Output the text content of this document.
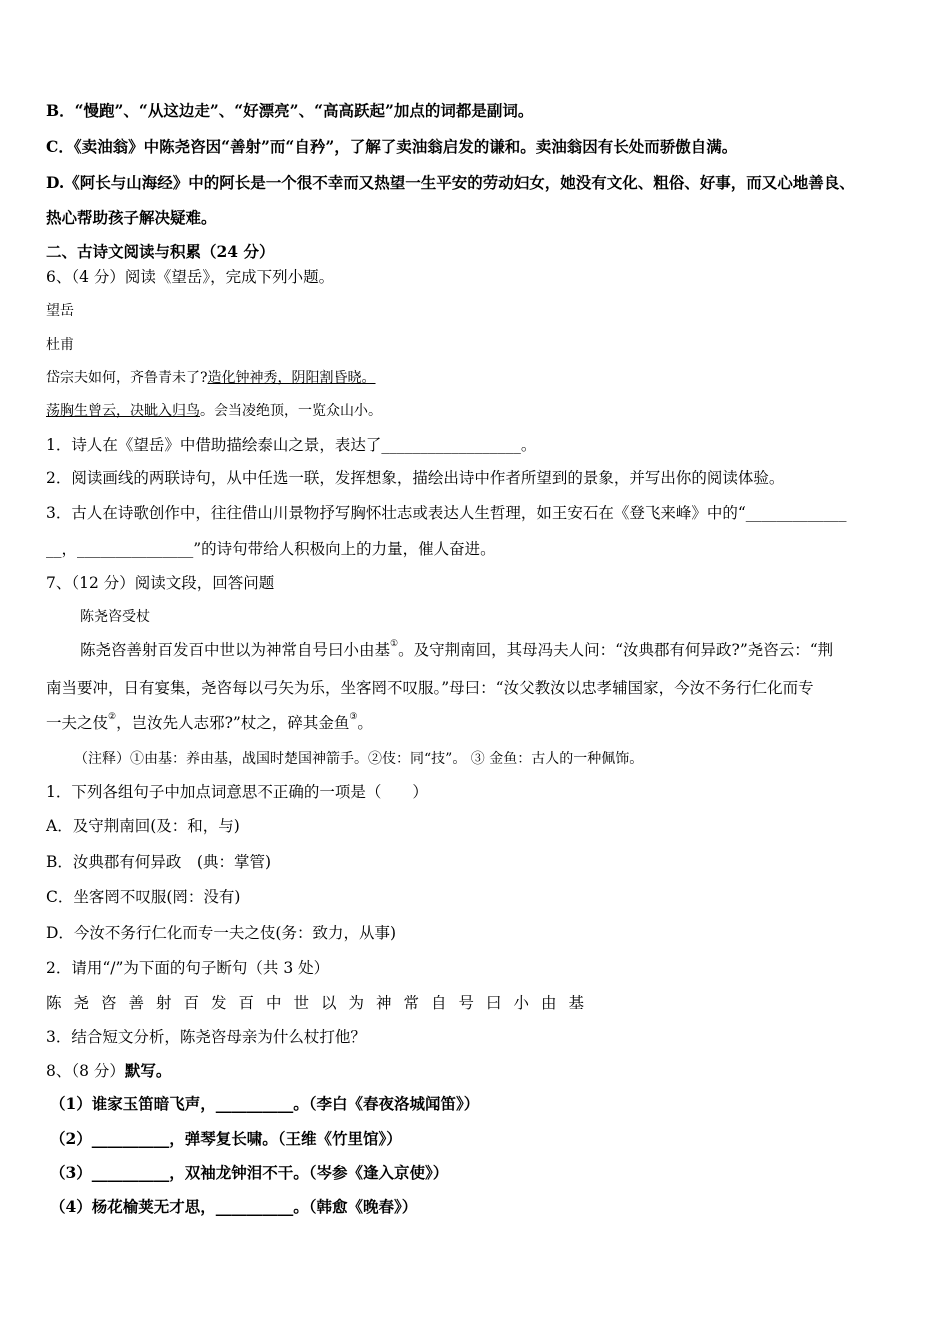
B．“慢跑”、“从这边走”、“好漂亮”、“高高跃起”加点的词都是副词。
C．《卖油翁》中陈尧咨因“善射”而“自矜”，了解了卖油翁启发的谦和。卖油翁因有长处而骄傲自满。
D.《阿长与山海经》中的阿长是一个很不幸而又热望一生平安的劳动妇女，她没有文化、粗俗、好事，而又心地善良、
热心帮助孩子解决疑难。
二、古诗文阅读与积累（24 分）
6、（4 分）阅读《望岳》，完成下列小题。
望岳
杜甫
岱宗夫如何，齐鲁青未了?造化钟神秀，阴阳割昏晓。
荡胸生曾云，决眦入归鸟。会当凌绝顶，一览众山小。
1．诗人在《望岳》中借助描绘泰山之景，表达了__________________。
2．阅读画线的两联诗句，从中任选一联，发挥想象，描绘出诗中作者所望到的景象，并写出你的阅读体验。
3．古人在诗歌创作中，往往借山川景物抒写胸怀壮志或表达人生哲理，如王安石在《登飞来峰》中的“_____________
__，_______________”的诗句带给人积极向上的力量，催人奋进。
7、（12 分）阅读文段，回答问题
陈尧咨受杖
陈尧咨善射百发百中世以为神常自号曰小由基①。及守荆南回，其母冯夫人问：“汝典郡有何异政?”尧咨云：“荆
南当要冲，日有宴集，尧咨每以弓矢为乐，坐客罔不叹服。”母曰：“汝父教汝以忠孝辅国家，今汝不务行仁化而专
一夫之伎②，岂汝先人志邪?”杖之，碎其金鱼③。
（注释）①由基：养由基，战国时楚国神箭手。②伎：同“技”。 ③ 金鱼：古人的一种佩饰。
1．下列各组句子中加点词意思不正确的一项是（　　）
A．及守荆南回(及：和，与)
B．汝典郡有何异政　(典：掌管)
C．坐客罔不叹服(罔：没有)
D．今汝不务行仁化而专一夫之伎(务：致力，从事)
2．请用“/”为下面的句子断句（共 3 处）
陈 尧 咨 善 射 百 发 百 中 世 以 为 神 常 自 号 曰 小 由 基
3．结合短文分析，陈尧咨母亲为什么杖打他？
8、（8 分）默写。
（1）谁家玉笛暗飞声，__________。（李白《春夜洛城闻笛》）
（2）__________，弹琴复长啸。（王维《竹里馆》）
（3）__________，双袖龙钟泪不干。（岑参《逢入京使》）
（4）杨花榆荚无才思，__________。（韩愈《晚春》）
